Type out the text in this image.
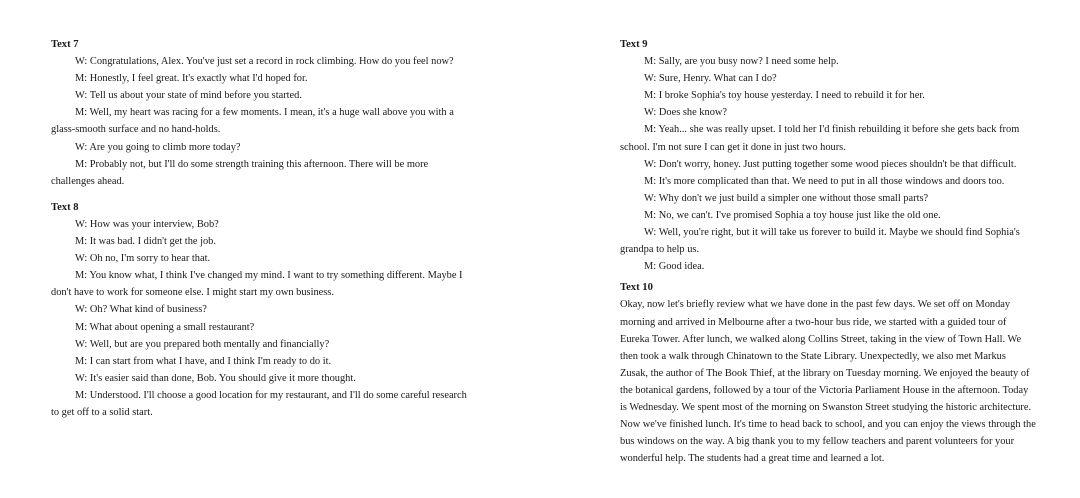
Text 7
W: Congratulations, Alex. You've just set a record in rock climbing. How do you feel now?
M: Honestly, I feel great. It's exactly what I'd hoped for.
W: Tell us about your state of mind before you started.
M: Well, my heart was racing for a few moments. I mean, it's a huge wall above you with a
glass-smooth surface and no hand-holds.
W: Are you going to climb more today?
M: Probably not, but I'll do some strength training this afternoon. There will be more
challenges ahead.
Text 8
W: How was your interview, Bob?
M: It was bad. I didn't get the job.
W: Oh no, I'm sorry to hear that.
M: You know what, I think I've changed my mind. I want to try something different. Maybe I
don't have to work for someone else. I might start my own business.
W: Oh? What kind of business?
M: What about opening a small restaurant?
W: Well, but are you prepared both mentally and financially?
M: I can start from what I have, and I think I'm ready to do it.
W: It's easier said than done, Bob. You should give it more thought.
M: Understood. I'll choose a good location for my restaurant, and I'll do some careful research
to get off to a solid start.
Text 9
M: Sally, are you busy now? I need some help.
W: Sure, Henry. What can I do?
M: I broke Sophia's toy house yesterday. I need to rebuild it for her.
W: Does she know?
M: Yeah... she was really upset. I told her I'd finish rebuilding it before she gets back from
school. I'm not sure I can get it done in just two hours.
W: Don't worry, honey. Just putting together some wood pieces shouldn't be that difficult.
M: It's more complicated than that. We need to put in all those windows and doors too.
W: Why don't we just build a simpler one without those small parts?
M: No, we can't. I've promised Sophia a toy house just like the old one.
W: Well, you're right, but it will take us forever to build it. Maybe we should find Sophia's
grandpa to help us.
M: Good idea.
Text 10
Okay, now let's briefly review what we have done in the past few days. We set off on Monday
morning and arrived in Melbourne after a two-hour bus ride, we started with a guided tour of
Eureka Tower. After lunch, we walked along Collins Street, taking in the view of Town Hall. We
then took a walk through Chinatown to the State Library. Unexpectedly, we also met Markus
Zusak, the author of The Book Thief, at the library on Tuesday morning. We enjoyed the beauty of
the botanical gardens, followed by a tour of the Victoria Parliament House in the afternoon. Today
is Wednesday. We spent most of the morning on Swanston Street studying the historic architecture.
Now we've finished lunch. It's time to head back to school, and you can enjoy the views through the
bus windows on the way. A big thank you to my fellow teachers and parent volunteers for your
wonderful help. The students had a great time and learned a lot.
